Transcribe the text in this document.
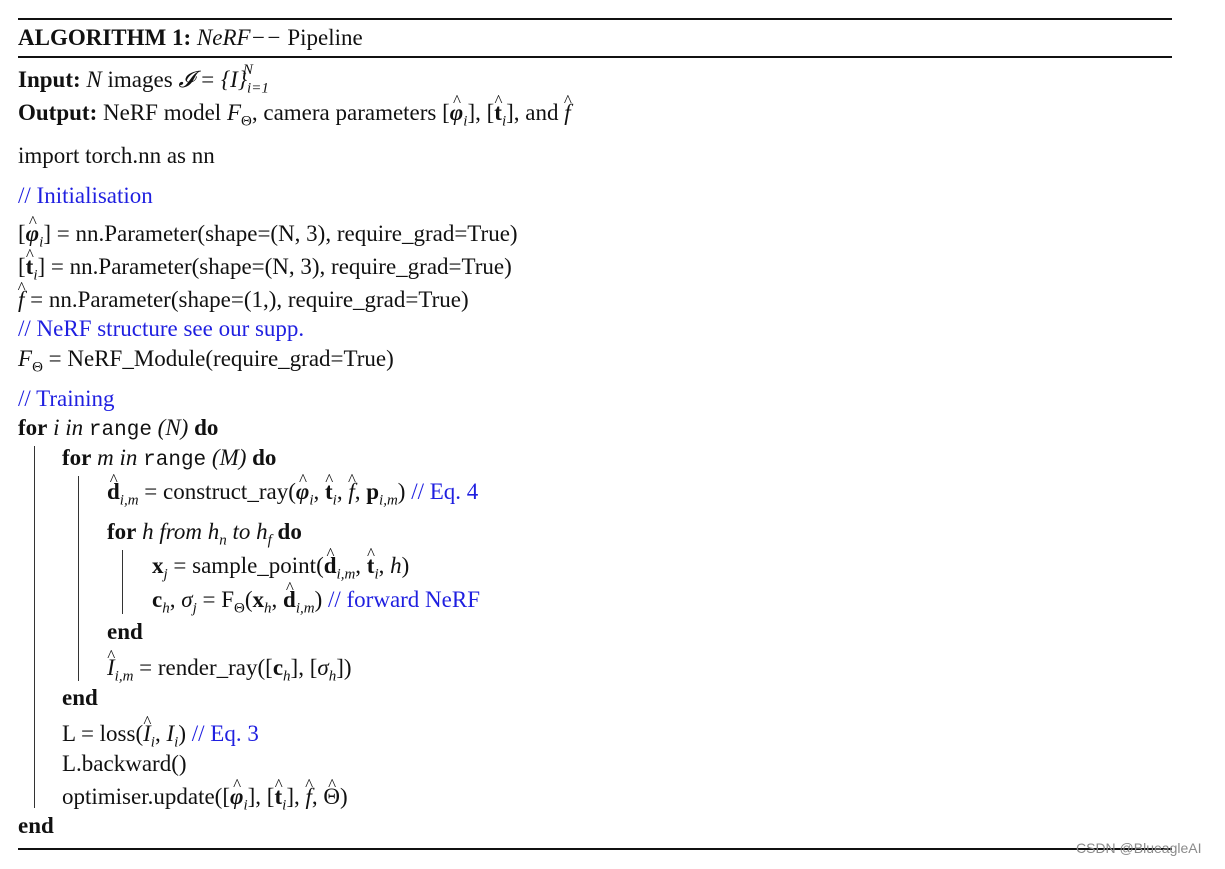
ALGORITHM 1: NeRF−− Pipeline
Input: N images 𝓘 = $\{I\}_{i=1}^N$
Output: NeRF model $F_\Theta$, camera parameters [^ $\varphi_i$], [^ $t_i$], and ^ f
import torch.nn as nn
// Initialisation
[^ $\varphi_i$] = nn.Parameter(shape=(N, 3), require_grad=True)
[^ $t_i$] = nn.Parameter(shape=(N, 3), require_grad=True)
^ f = nn.Parameter(shape=(1,), require_grad=True)
// NeRF structure see our supp.
$F_\Theta$ = NeRF_Module(require_grad=True)
// Training
for i in range (N) do
for m in range (M) do
^ $d_{i,m}$ = construct_ray(^ $\varphi_i$, ^ $t_i$, ^ f, $p_{i,m}$) // Eq. 4
for h from $h_n$ to $h_f$ do
$x_j$ = sample_point(^ $d_{i,m}$, ^ $t_i$, h)
$c_h$, $\sigma_j = F_\Theta(x_h$, ^ $d_{i,m}$) // forward NeRF
end
^ $I_{i,m}$ = $render\_ray([c_h]$, $[\sigma_h]$)
end
L = loss(^ $I_i$, $I_i$) // Eq. 3
L.backward()
optimiser.update([^ $\varphi_i$], [^ $t_i$], ^ f, ^ Θ)
end
CSDN @BlueagleAI
